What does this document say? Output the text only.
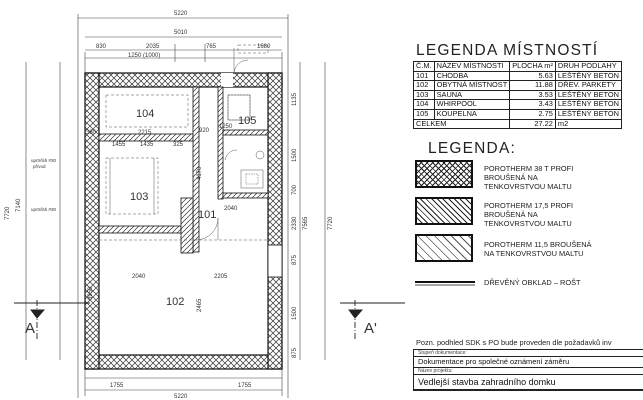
5220
5010
830	2035	765	1680
1250 (1000)
7720
7140
7565	7720
2330
1135
1500
700
875
1500
875
1755	1755
5220
380	2215	920
1250
1455 1435	325
2040	2205
4170
2465
3950
2040
uprtr/lsh #30
přívod
uprtr/lsh #30
104
105
103
101
102
A	A'
LEGENDA MÍSTNOSTÍ
Č.M.	NÁZEV MÍSTNOSTI	PLOCHA m²	DRUH PODLAHY
101	CHODBA	5.63	LEŠTĚNÝ BETON
102	OBYTNÁ MÍSTNOST	11.88	DŘEV. PARKETY
103	SAUNA	3.53	LEŠTĚNÝ BETON
104	WHIRPOOL	3.43	LEŠTĚNÝ BETON
105	KOUPELNA	2.75	LEŠTĚNÝ BETON
CELKEM		27.22	m2
LEGENDA:
POROTHERM 38 T PROFI BROUŠENÁ NA TENKOVRSTVOU MALTU
POROTHERM 17,5 PROFI BROUŠENÁ NA TENKOVRSTVOU MALTU
POROTHERM 11,5 BROUŠENÁ NA TENKOVRSTVOU MALTU
DŘEVĚNÝ OBKLAD – ROŠT
Pozn. podhled SDK s PO bude proveden dle požadavků inv
Stupeň dokumentace:
Dokumentace pro společné oznámení záměru
Název projektu:
Vedlejší stavba zahradního domku
